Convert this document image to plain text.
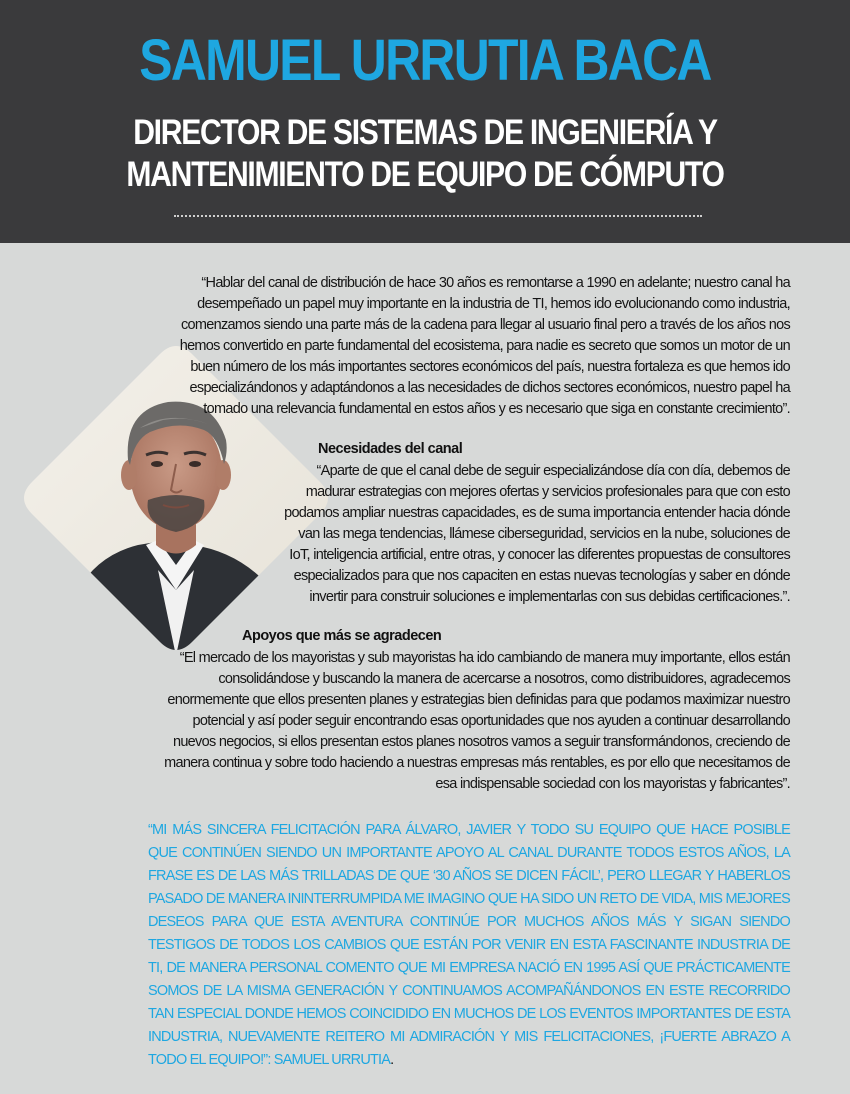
SAMUEL URRUTIA BACA
DIRECTOR DE SISTEMAS DE INGENIERÍA Y
MANTENIMIENTO DE EQUIPO DE CÓMPUTO

“Hablar del canal de distribución de hace 30 años es remontarse a 1990 en adelante; nuestro canal ha desempeñado un papel muy importante en la industria de TI, hemos ido evolucionando como industria, comenzamos siendo una parte más de la cadena para llegar al usuario final pero a través de los años nos hemos convertido en parte fundamental del ecosistema, para nadie es secreto que somos un motor de un buen número de los más importantes sectores económicos del país, nuestra fortaleza es que hemos ido especializándonos y adaptándonos a las necesidades de dichos sectores económicos, nuestro papel ha tomado una relevancia fundamental en estos años y es necesario que siga en constante crecimiento”.

Necesidades del canal

“Aparte de que el canal debe de seguir especializándose día con día, debemos de madurar estrategias con mejores ofertas y servicios profesionales para que con esto podamos ampliar nuestras capacidades, es de suma importancia entender hacia dónde van las mega tendencias, llámese ciberseguridad, servicios en la nube, soluciones de IoT, inteligencia artificial, entre otras, y conocer las diferentes propuestas de consultores especializados para que nos capaciten en estas nuevas tecnologías y saber en dónde invertir para construir soluciones e implementarlas con sus debidas certificaciones.”.

Apoyos que más se agradecen

“El mercado de los mayoristas y sub mayoristas ha ido cambiando de manera muy importante, ellos están consolidándose y buscando la manera de acercarse a nosotros, como distribuidores, agradecemos enormemente que ellos presenten planes y estrategias bien definidas para que podamos maximizar nuestro potencial y así poder seguir encontrando esas oportunidades que nos ayuden a continuar desarrollando nuevos negocios, si ellos presentan estos planes nosotros vamos a seguir transformándonos, creciendo de manera continua y sobre todo haciendo a nuestras empresas más rentables, es por ello que necesitamos de esa indispensable sociedad con los mayoristas y fabricantes”.

“MI MÁS SINCERA FELICITACIÓN PARA ÁLVARO, JAVIER Y TODO SU EQUIPO QUE HACE POSIBLE QUE CONTINÚEN SIENDO UN IMPORTANTE APOYO AL CANAL DURANTE TODOS ESTOS AÑOS, LA FRASE ES DE LAS MÁS TRILLADAS DE QUE ‘30 AÑOS SE DICEN FÁCIL’, PERO LLEGAR Y HABERLOS PASADO DE MANERA ININTERRUMPIDA ME IMAGINO QUE HA SIDO UN RETO DE VIDA, MIS MEJORES DESEOS PARA QUE ESTA AVENTURA CONTINÚE POR MUCHOS AÑOS MÁS Y SIGAN SIENDO TESTIGOS DE TODOS LOS CAMBIOS QUE ESTÁN POR VENIR EN ESTA FASCINANTE INDUSTRIA DE TI, DE MANERA PERSONAL COMENTO QUE MI EMPRESA NACIÓ EN 1995 ASÍ QUE PRÁCTICAMENTE SOMOS DE LA MISMA GENERACIÓN Y CONTINUAMOS ACOMPAÑÁNDONOS EN ESTE RECORRIDO TAN ESPECIAL DONDE HEMOS COINCIDIDO EN MUCHOS DE LOS EVENTOS IMPORTANTES DE ESTA INDUSTRIA, NUEVAMENTE REITERO MI ADMIRACIÓN Y MIS FELICITACIONES, ¡FUERTE ABRAZO A TODO EL EQUIPO!”: SAMUEL URRUTIA.
